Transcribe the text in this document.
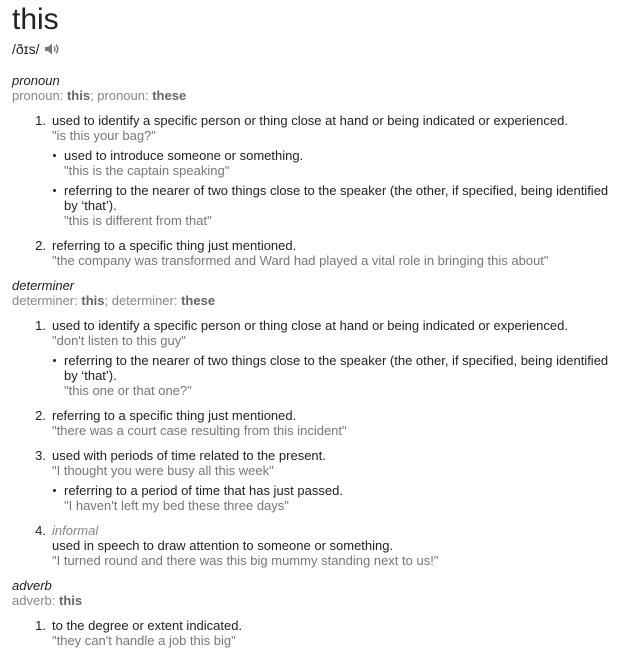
this
/ðɪs/
pronoun
pronoun: this; pronoun: these
1. used to identify a specific person or thing close at hand or being indicated or experienced.
"is this your bag?"
used to introduce someone or something.
"this is the captain speaking"
referring to the nearer of two things close to the speaker (the other, if specified, being identified by ‘that’).
"this is different from that"
2. referring to a specific thing just mentioned.
"the company was transformed and Ward had played a vital role in bringing this about"
determiner
determiner: this; determiner: these
1. used to identify a specific person or thing close at hand or being indicated or experienced.
"don't listen to this guy"
referring to the nearer of two things close to the speaker (the other, if specified, being identified by ‘that’).
"this one or that one?"
2. referring to a specific thing just mentioned.
"there was a court case resulting from this incident"
3. used with periods of time related to the present.
"I thought you were busy all this week"
referring to a period of time that has just passed.
"I haven't left my bed these three days"
4. informal
used in speech to draw attention to someone or something.
"I turned round and there was this big mummy standing next to us!"
adverb
adverb: this
1. to the degree or extent indicated.
"they can't handle a job this big"
